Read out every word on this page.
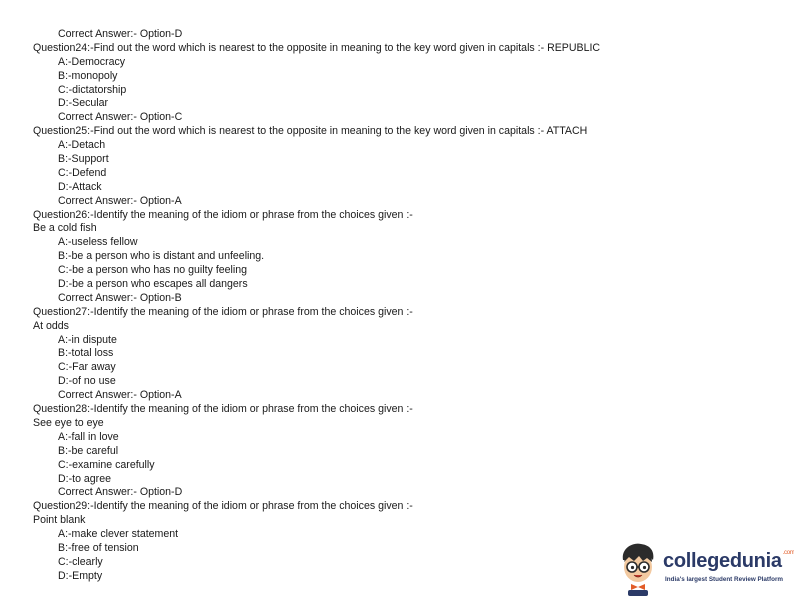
Correct Answer:- Option-D
Question24:-Find out the word which is nearest to the opposite in meaning to the key word given in capitals :- REPUBLIC
A:-Democracy
B:-monopoly
C:-dictatorship
D:-Secular
Correct Answer:- Option-C
Question25:-Find out the word which is nearest to the opposite in meaning to the key word given in capitals :- ATTACH
A:-Detach
B:-Support
C:-Defend
D:-Attack
Correct Answer:- Option-A
Question26:-Identify the meaning of the idiom or phrase from the choices given :-
Be a cold fish
A:-useless fellow
B:-be a person who is distant and unfeeling.
C:-be a person who has no guilty feeling
D:-be a person who escapes all dangers
Correct Answer:- Option-B
Question27:-Identify the meaning of the idiom or phrase from the choices given :-
At odds
A:-in dispute
B:-total loss
C:-Far away
D:-of no use
Correct Answer:- Option-A
Question28:-Identify the meaning of the idiom or phrase from the choices given :-
See eye to eye
A:-fall in love
B:-be careful
C:-examine carefully
D:-to agree
Correct Answer:- Option-D
Question29:-Identify the meaning of the idiom or phrase from the choices given :-
Point blank
A:-make clever statement
B:-free of tension
C:-clearly
D:-Empty
collegedunia$^{.com}$
India's largest Student Review Platform
